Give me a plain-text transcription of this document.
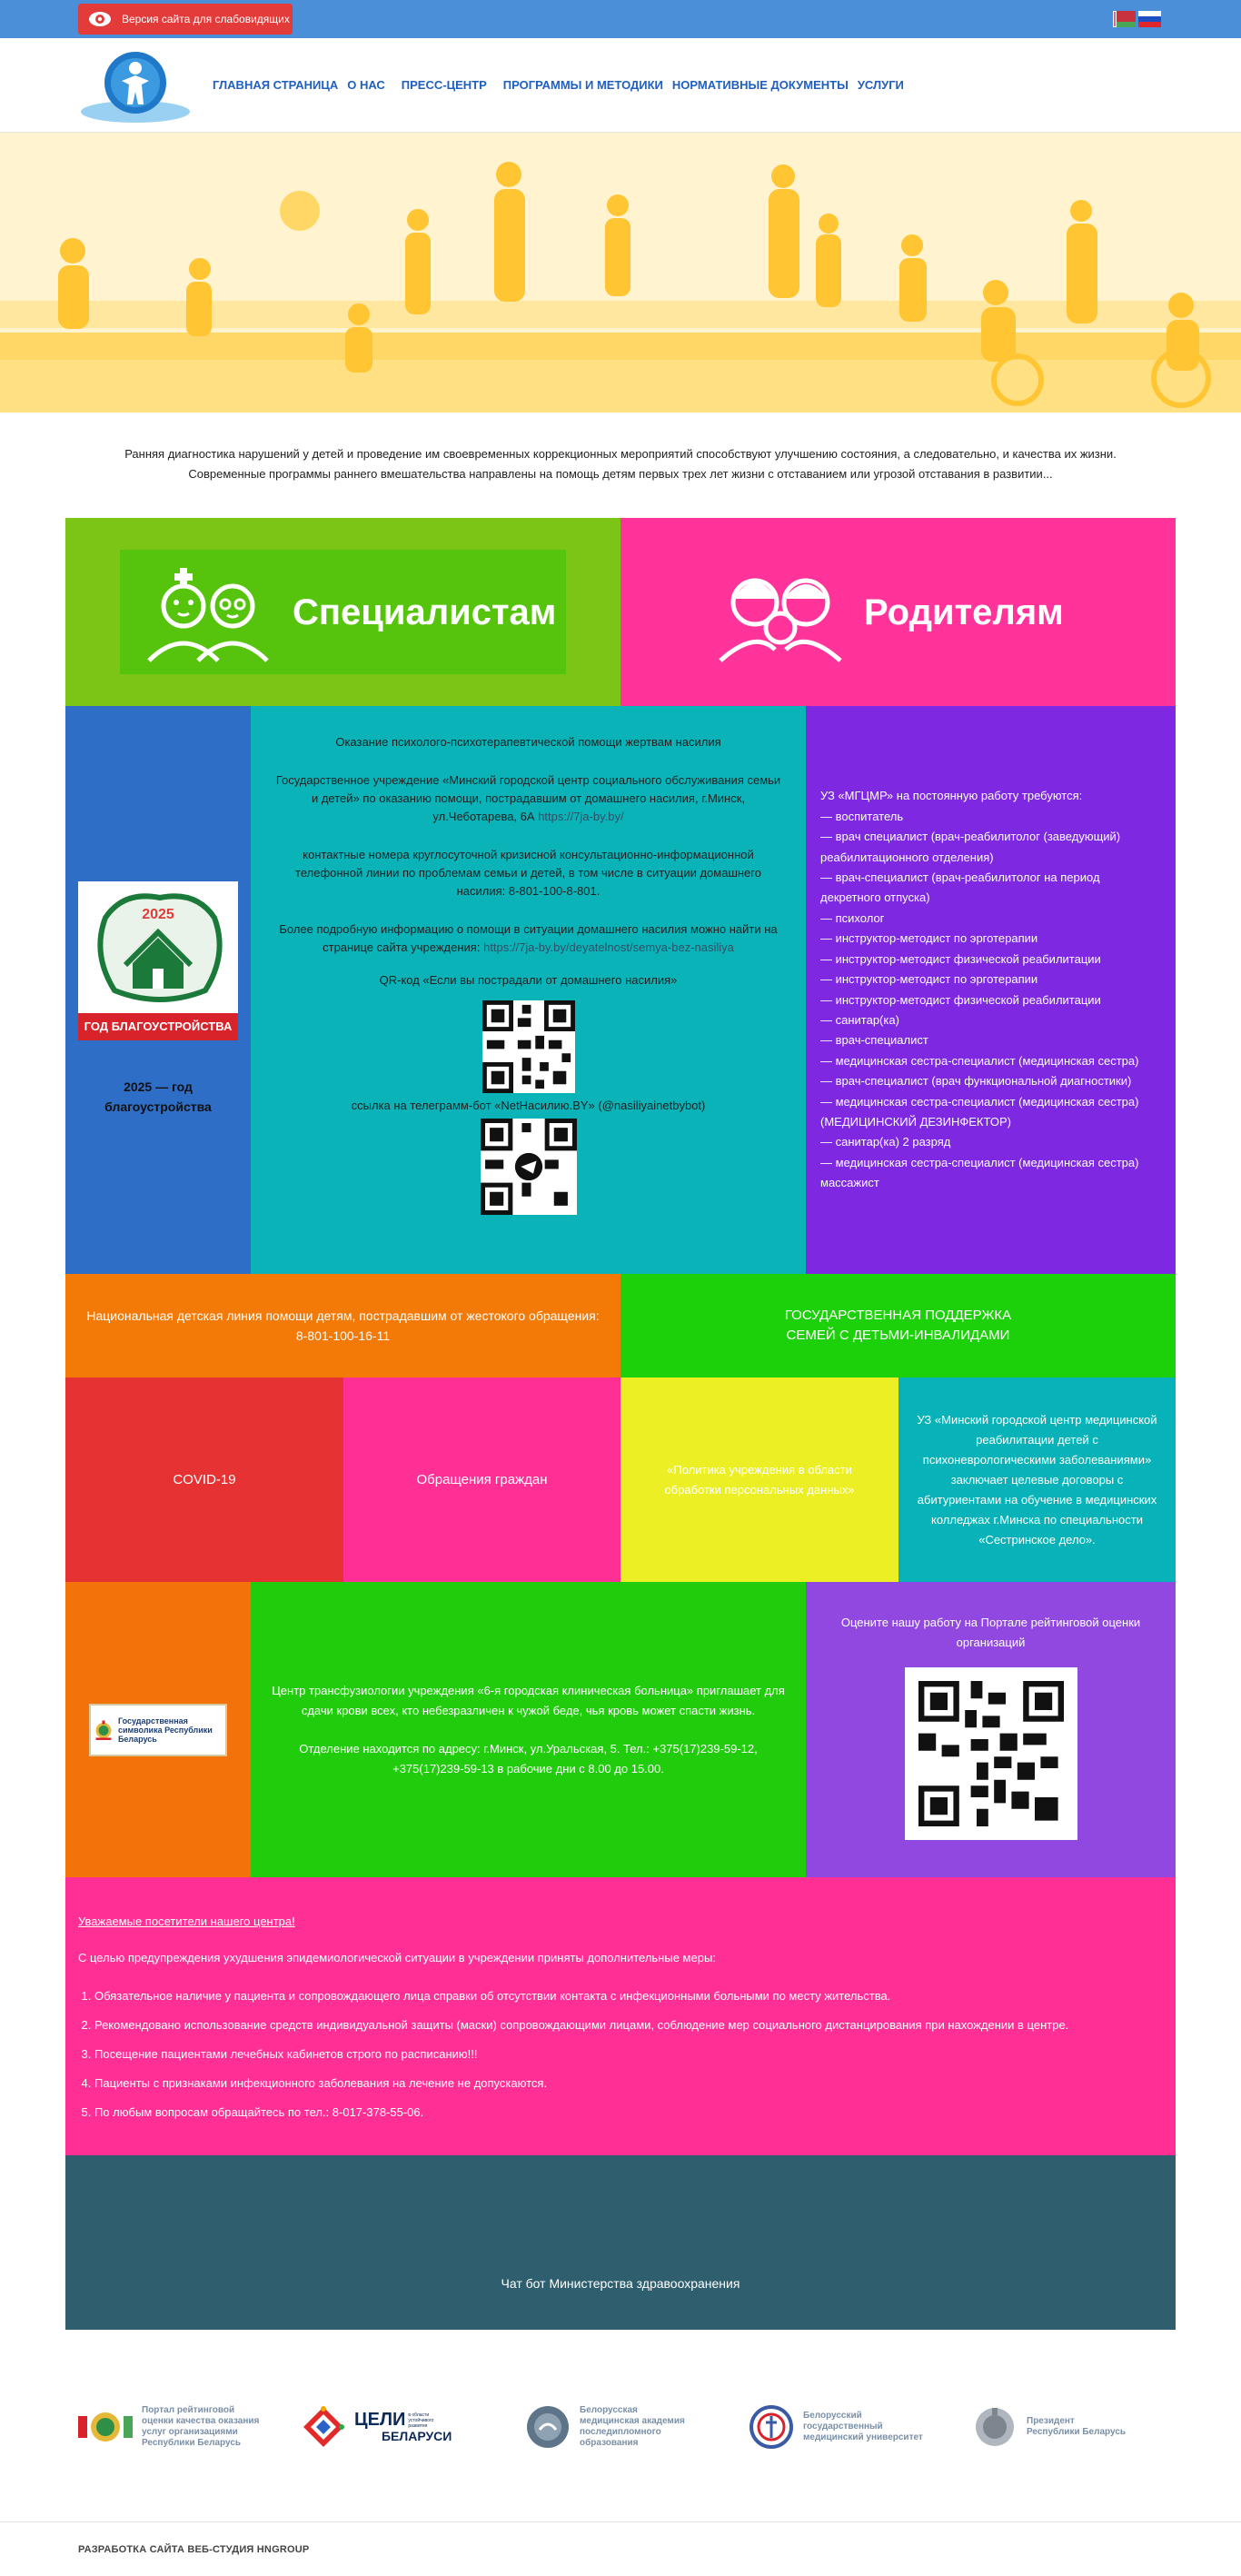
Версия сайта для слабовидящих
ГЛАВНАЯ СТРАНИЦА О НАС ПРЕСС-ЦЕНТР ПРОГРАММЫ И МЕТОДИКИ НОРМАТИВНЫЕ ДОКУМЕНТЫ УСЛУГИ
Ранняя диагностика нарушений у детей и проведение им своевременных коррекционных мероприятий способствуют улучшению состояния, а следовательно, и качества их жизни.
Современные программы раннего вмешательства направлены на помощь детям первых трех лет жизни с отставанием или угрозой отставания в развитии...
Специалистам	Родителям
2025
ГОД БЛАГОУСТРОЙСТВА
2025 — год благоустройства
Оказание психолого-психотерапевтической помощи жертвам насилия
Государственное учреждение «Минский городской центр социального обслуживания семьи и детей» по оказанию помощи, пострадавшим от домашнего насилия, г.Минск, ул.Чеботарева, 6А https://7ja-by.by/
контактные номера круглосуточной кризисной консультационно-информационной телефонной линии по проблемам семьи и детей, в том числе в ситуации домашнего насилия: 8-801-100-8-801.
Более подробную информацию о помощи в ситуации домашнего насилия можно найти на странице сайта учреждения: https://7ja-by.by/deyatelnost/semya-bez-nasiliya
QR-код «Если вы пострадали от домашнего насилия»
ссылка на телеграмм-бот «NetНасилию.BY» (@nasiliyainetbybot)
УЗ «МГЦМР» на постоянную работу требуются:
— воспитатель
— врач специалист (врач-реабилитолог (заведующий) реабилитационного отделения)
— врач-специалист (врач-реабилитолог на период декретного отпуска)
— психолог
— инструктор-методист по эрготерапии
— инструктор-методист физической реабилитации
— инструктор-методист по эрготерапии
— инструктор-методист физической реабилитации
— санитар(ка)
— врач-специалист
— медицинская сестра-специалист (медицинская сестра)
— врач-специалист (врач функциональной диагностики)
— медицинская сестра-специалист (медицинская сестра) (МЕДИЦИНСКИЙ ДЕЗИНФЕКТОР)
— санитар(ка) 2 разряд
— медицинская сестра-специалист (медицинская сестра) массажист
Национальная детская линия помощи детям, пострадавшим от жестокого обращения:
8-801-100-16-11
ГОСУДАРСТВЕННАЯ ПОДДЕРЖКА
СЕМЕЙ С ДЕТЬМИ-ИНВАЛИДАМИ
COVID-19	Обращения граждан
«Политика учреждения в области обработки персональных данных»
УЗ «Минский городской центр медицинской реабилитации детей с психоневрологическими заболеваниями» заключает целевые договоры с абитуриентами на обучение в медицинских колледжах г.Минска по специальности «Сестринское дело».
Государственная символика Республики Беларусь
Центр трансфузиологии учреждения «6-я городская клиническая больница» приглашает для сдачи крови всех, кто небезразличен к чужой беде, чья кровь может спасти жизнь.
Отделение находится по адресу: г.Минск, ул.Уральская, 5. Тел.: +375(17)239-59-12, +375(17)239-59-13 в рабочие дни с 8.00 до 15.00.
Оцените нашу работу на Портале рейтинговой оценки организаций
Уважаемые посетители нашего центра!
С целью предупреждения ухудшения эпидемиологической ситуации в учреждении приняты дополнительные меры:
1. Обязательное наличие у пациента и сопровождающего лица справки об отсутствии контакта с инфекционными больными по месту жительства.
2. Рекомендовано использование средств индивидуальной защиты (маски) сопровождающими лицами, соблюдение мер социального дистанцирования при нахождении в центре.
3. Посещение пациентами лечебных кабинетов строго по расписанию!!!
4. Пациенты с признаками инфекционного заболевания на лечение не допускаются.
5. По любым вопросам обращайтесь по тел.: 8-017-378-55-06.
Чат бот Министерства здравоохранения
Портал рейтинговой
оценки качества оказания
услуг организациями
Республики Беларусь
ЦЕЛИ в области устойчивого развития
БЕЛАРУСИ
Белорусская
медицинская академия
последипломного
образования
Белорусский
государственный
медицинский университет
Президент
Республики Беларусь
РАЗРАБОТКА САЙТА ВЕБ-СТУДИЯ HNGROUP
